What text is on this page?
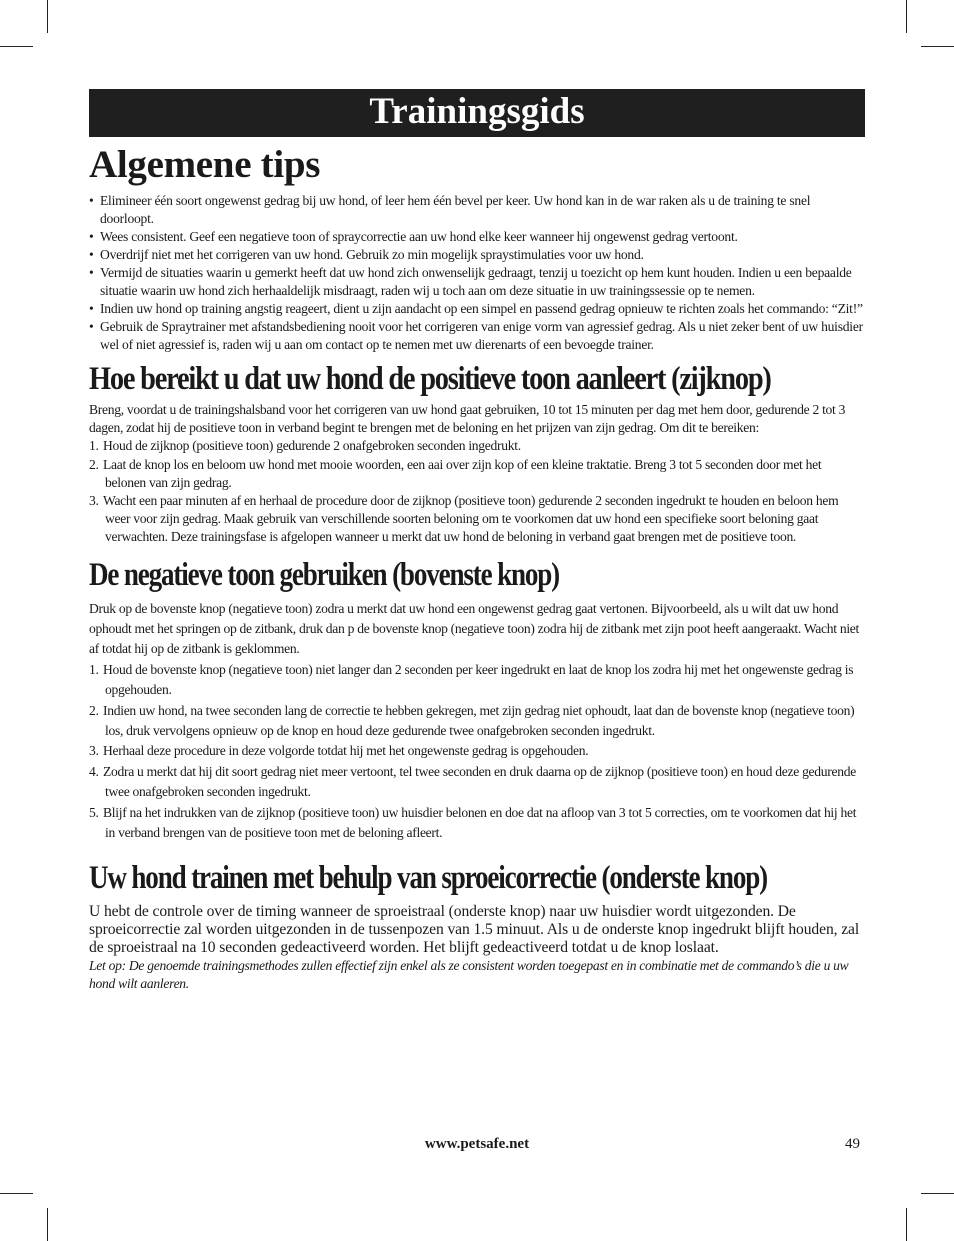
Trainingsgids
Algemene tips
• Elimineer één soort ongewenst gedrag bij uw hond, of leer hem één bevel per keer. Uw hond kan in de war raken als u de training te snel doorloopt.
• Wees consistent. Geef een negatieve toon of spraycorrectie aan uw hond elke keer wanneer hij ongewenst gedrag vertoont.
• Overdrijf niet met het corrigeren van uw hond. Gebruik zo min mogelijk spraystimulaties voor uw hond.
• Vermijd de situaties waarin u gemerkt heeft dat uw hond zich onwenselijk gedraagt, tenzij u toezicht op hem kunt houden. Indien u een bepaalde situatie waarin uw hond zich herhaaldelijk misdraagt, raden wij u toch aan om deze situatie in uw trainingssessie op te nemen.
• Indien uw hond op training angstig reageert, dient u zijn aandacht op een simpel en passend gedrag opnieuw te richten zoals het commando: “Zit!”
• Gebruik de Spraytrainer met afstandsbediening nooit voor het corrigeren van enige vorm van agressief gedrag. Als u niet zeker bent of uw huisdier wel of niet agressief is, raden wij u aan om contact op te nemen met uw dierenarts of een bevoegde trainer.
Hoe bereikt u dat uw hond de positieve toon aanleert (zijknop)

Breng, voordat u de trainingshalsband voor het corrigeren van uw hond gaat gebruiken, 10 tot 15 minuten per dag met hem door, gedurende 2 tot 3 dagen, zodat hij de positieve toon in verband begint te brengen met de beloning en het prijzen van zijn gedrag. Om dit te bereiken:

1. Houd de zijknop (positieve toon) gedurende 2 onafgebroken seconden ingedrukt.
2. Laat de knop los en beloom uw hond met mooie woorden, een aai over zijn kop of een kleine traktatie. Breng 3 tot 5 seconden door met het belonen van zijn gedrag.
3. Wacht een paar minuten af en herhaal de procedure door de zijknop (positieve toon) gedurende 2 seconden ingedrukt te houden en beloon hem weer voor zijn gedrag. Maak gebruik van verschillende soorten beloning om te voorkomen dat uw hond een specifieke soort beloning gaat verwachten. Deze trainingsfase is afgelopen wanneer u merkt dat uw hond de beloning in verband gaat brengen met de positieve toon.
De negatieve toon gebruiken (bovenste knop)

Druk op de bovenste knop (negatieve toon) zodra u merkt dat uw hond een ongewenst gedrag gaat vertonen. Bijvoorbeeld, als u wilt dat uw hond ophoudt met het springen op de zitbank, druk dan p de bovenste knop (negatieve toon) zodra hij de zitbank met zijn poot heeft aangeraakt. Wacht niet af totdat hij op de zitbank is geklommen.

1. Houd de bovenste knop (negatieve toon) niet langer dan 2 seconden per keer ingedrukt en laat de knop los zodra hij met het ongewenste gedrag is opgehouden.
2. Indien uw hond, na twee seconden lang de correctie te hebben gekregen, met zijn gedrag niet ophoudt, laat dan de bovenste knop (negatieve toon) los, druk vervolgens opnieuw op de knop en houd deze gedurende twee onafgebroken seconden ingedrukt.
3. Herhaal deze procedure in deze volgorde totdat hij met het ongewenste gedrag is opgehouden.
4. Zodra u merkt dat hij dit soort gedrag niet meer vertoont, tel twee seconden en druk daarna op de zijknop (positieve toon) en houd deze gedurende twee onafgebroken seconden ingedrukt.
5. Blijf na het indrukken van de zijknop (positieve toon) uw huisdier belonen en doe dat na afloop van 3 tot 5 correcties, om te voorkomen dat hij het in verband brengen van de positieve toon met de beloning afleert.
Uw hond trainen met behulp van sproeicorrectie (onderste knop)

U hebt de controle over de timing wanneer de sproeistraal (onderste knop) naar uw huisdier wordt uitgezonden. De sproeicorrectie zal worden uitgezonden in de tussenpozen van 1.5 minuut. Als u de onderste knop ingedrukt blijft houden, zal de sproeistraal na 10 seconden gedeactiveerd worden. Het blijft gedeactiveerd totdat u de knop loslaat.

Let op: De genoemde trainingsmethodes zullen effectief zijn enkel als ze consistent worden toegepast en in combinatie met de commando’s die u uw hond wilt aanleren.

www.petsafe.net	49
